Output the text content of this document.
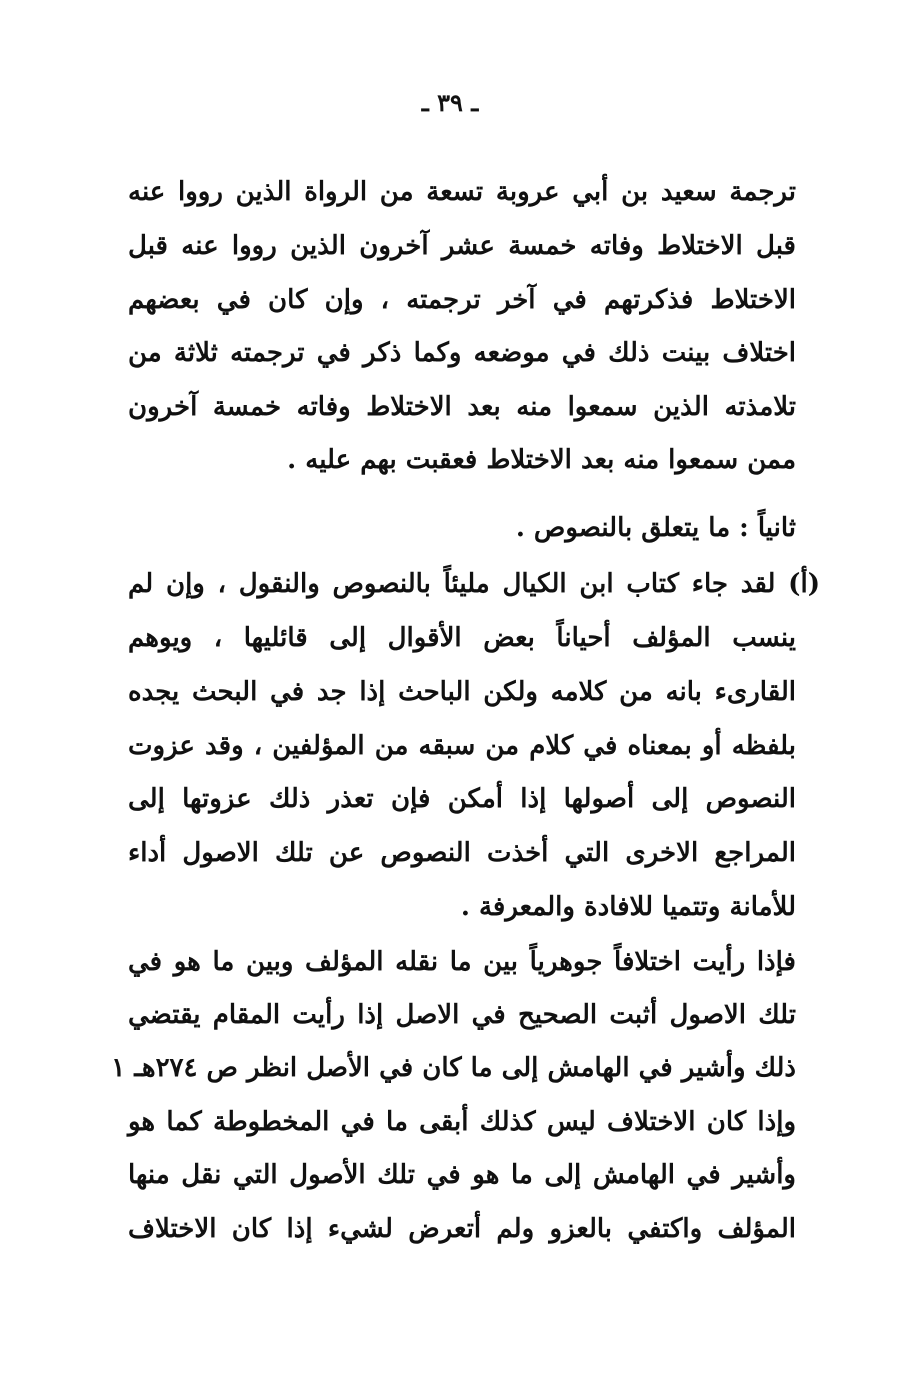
ـ ٣٩ ـ
ترجمة سعيد بن أبي عروبة تسعة من الرواة الذين رووا عنه
قبل الاختلاط وفاته خمسة عشر آخرون الذين رووا عنه قبل
الاختلاط فذكرتهم في آخر ترجمته ، وإن كان في بعضهم
اختلاف بينت ذلك في موضعه وكما ذكر في ترجمته ثلاثة من
تلامذته الذين سمعوا منه بعد الاختلاط وفاته خمسة آخرون
ممن سمعوا منه بعد الاختلاط فعقبت بهم عليه .
ثانياً : ما يتعلق بالنصوص .
(أ) لقد جاء كتاب ابن الكيال مليئاً بالنصوص والنقول ، وإن لم
ينسب المؤلف أحياناً بعض الأقوال إلى قائليها ، ويوهم
القارىء بانه من كلامه ولكن الباحث إذا جد في البحث يجده
بلفظه أو بمعناه في كلام من سبقه من المؤلفين ، وقد عزوت
النصوص إلى أصولها إذا أمكن فإن تعذر ذلك عزوتها إلى
المراجع الاخرى التي أخذت النصوص عن تلك الاصول أداء
للأمانة وتتميا للافادة والمعرفة .
فإذا رأيت اختلافاً جوهرياً بين ما نقله المؤلف وبين ما هو في
تلك الاصول أثبت الصحيح في الاصل إذا رأيت المقام يقتضي
ذلك وأشير في الهامش إلى ما كان في الأصل انظر ص ٢٧٤هـ ١
وإذا كان الاختلاف ليس كذلك أبقى ما في المخطوطة كما هو
وأشير في الهامش إلى ما هو في تلك الأصول التي نقل منها
المؤلف واكتفي بالعزو ولم أتعرض لشيء إذا كان الاختلاف
